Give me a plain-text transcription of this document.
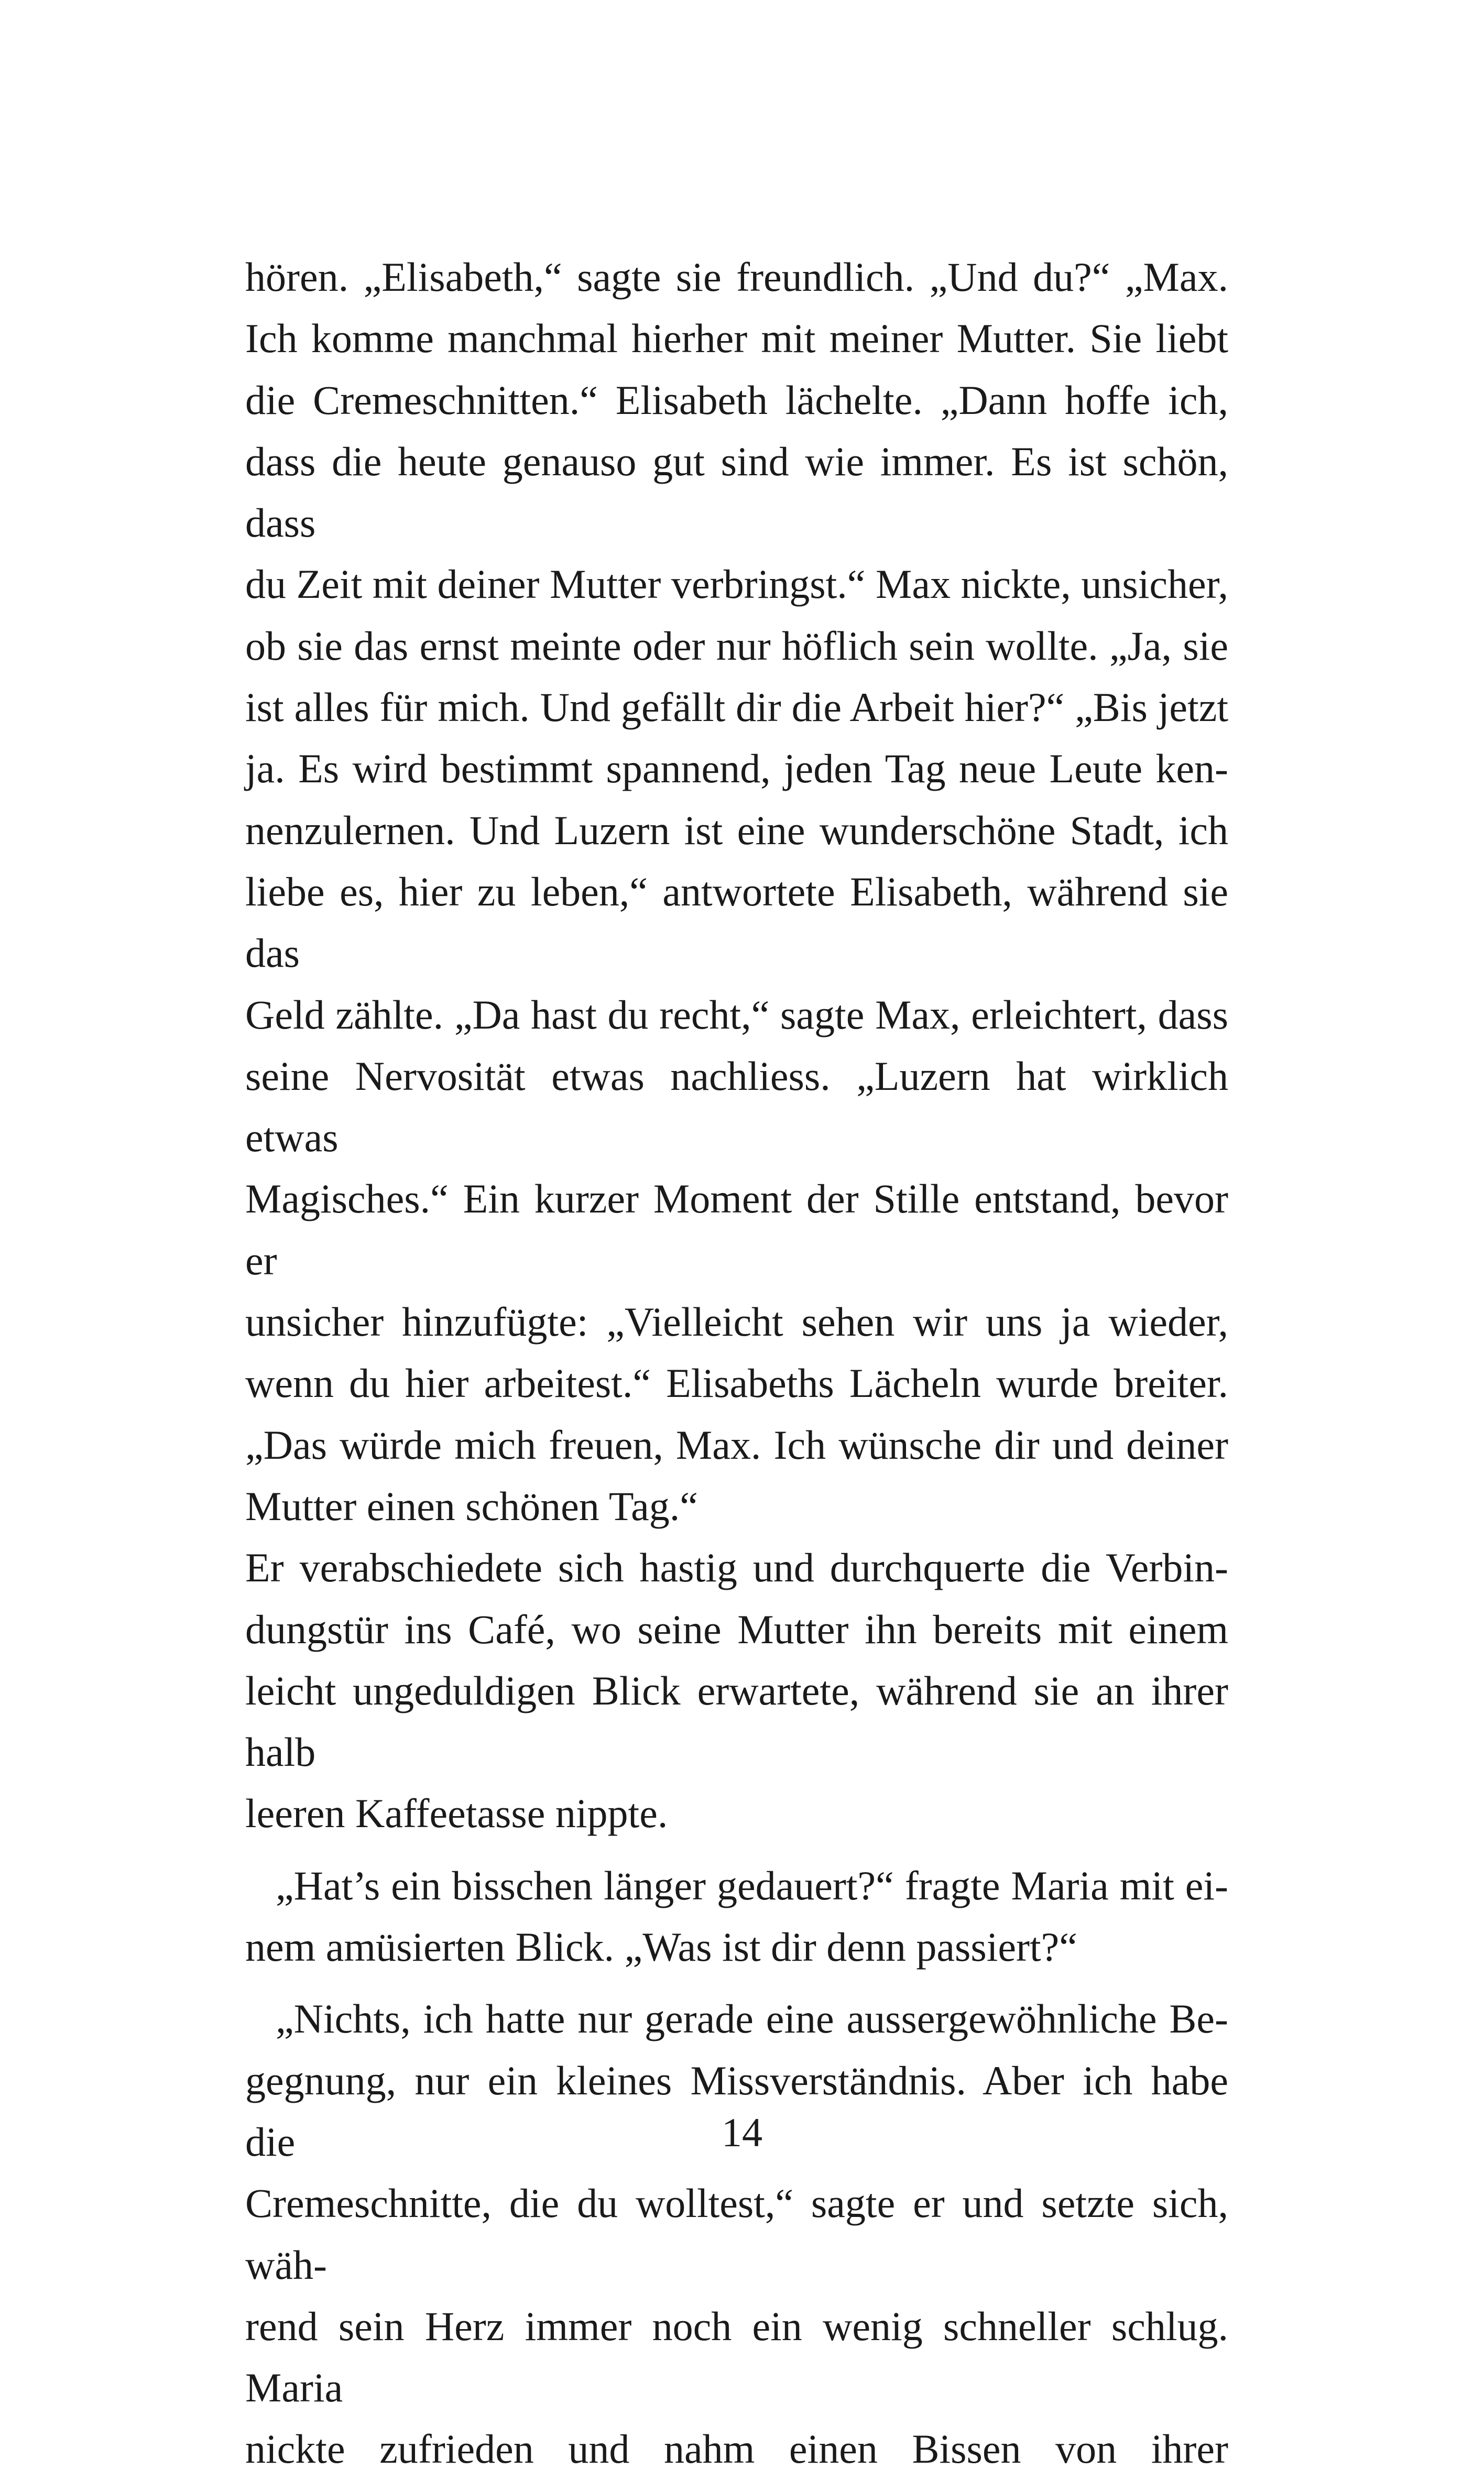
hören. „Elisabeth,“ sagte sie freundlich. „Und du?“ „Max.

Ich komme manchmal hierher mit meiner Mutter. Sie liebt

die Cremeschnitten.“ Elisabeth lächelte. „Dann hoffe ich,

dass die heute genauso gut sind wie immer. Es ist schön, dass

du Zeit mit deiner Mutter verbringst.“ Max nickte, unsicher,

ob sie das ernst meinte oder nur höflich sein wollte. „Ja, sie

ist alles für mich. Und gefällt dir die Arbeit hier?“ „Bis jetzt

ja. Es wird bestimmt spannend, jeden Tag neue Leute ken-

nenzulernen. Und Luzern ist eine wunderschöne Stadt, ich

liebe es, hier zu leben,“ antwortete Elisabeth, während sie das

Geld zählte. „Da hast du recht,“ sagte Max, erleichtert, dass

seine Nervosität etwas nachliess. „Luzern hat wirklich etwas

Magisches.“ Ein kurzer Moment der Stille entstand, bevor er

unsicher hinzufügte: „Vielleicht sehen wir uns ja wieder,

wenn du hier arbeitest.“ Elisabeths Lächeln wurde breiter.

„Das würde mich freuen, Max. Ich wünsche dir und deiner

Mutter einen schönen Tag.“

Er verabschiedete sich hastig und durchquerte die Verbin-

dungstür ins Café, wo seine Mutter ihn bereits mit einem

leicht ungeduldigen Blick erwartete, während sie an ihrer halb

leeren Kaffeetasse nippte.

„Hat’s ein bisschen länger gedauert?“ fragte Maria mit ei-

nem amüsierten Blick. „Was ist dir denn passiert?“

„Nichts, ich hatte nur gerade eine aussergewöhnliche Be-

gegnung, nur ein kleines Missverständnis. Aber ich habe die

Cremeschnitte, die du wolltest,“ sagte er und setzte sich, wäh-

rend sein Herz immer noch ein wenig schneller schlug. Maria

nickte zufrieden und nahm einen Bissen von ihrer

14
